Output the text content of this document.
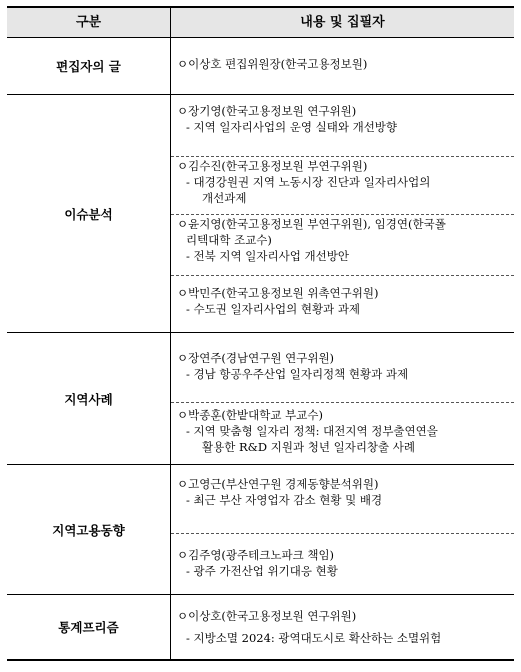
구분	내용 및 집필자
편집자의 글	ㅇ이상호 편집위원장(한국고용정보원)
이슈분석
ㅇ장기영(한국고용정보원 연구위원)
- 지역 일자리사업의 운영 실태와 개선방향
ㅇ김수진(한국고용정보원 부연구위원)
- 대경강원권 지역 노동시장 진단과 일자리사업의
개선과제
ㅇ윤지영(한국고용정보원 부연구위원), 임경연(한국폴
리텍대학 조교수)
- 전북 지역 일자리사업 개선방안
ㅇ박민주(한국고용정보원 위촉연구위원)
- 수도권 일자리사업의 현황과 과제
지역사례
ㅇ장연주(경남연구원 연구위원)
- 경남 항공우주산업 일자리정책 현황과 과제
ㅇ박종훈(한밭대학교 부교수)
- 지역 맞춤형 일자리 정책: 대전지역 정부출연연을
활용한 R&D 지원과 청년 일자리창출 사례
지역고용동향
ㅇ고영근(부산연구원 경제동향분석위원)
- 최근 부산 자영업자 감소 현황 및 배경
ㅇ김주영(광주테크노파크 책임)
- 광주 가전산업 위기대응 현황
통계프리즘
ㅇ이상호(한국고용정보원 연구위원)
- 지방소멸 2024: 광역대도시로 확산하는 소멸위험
